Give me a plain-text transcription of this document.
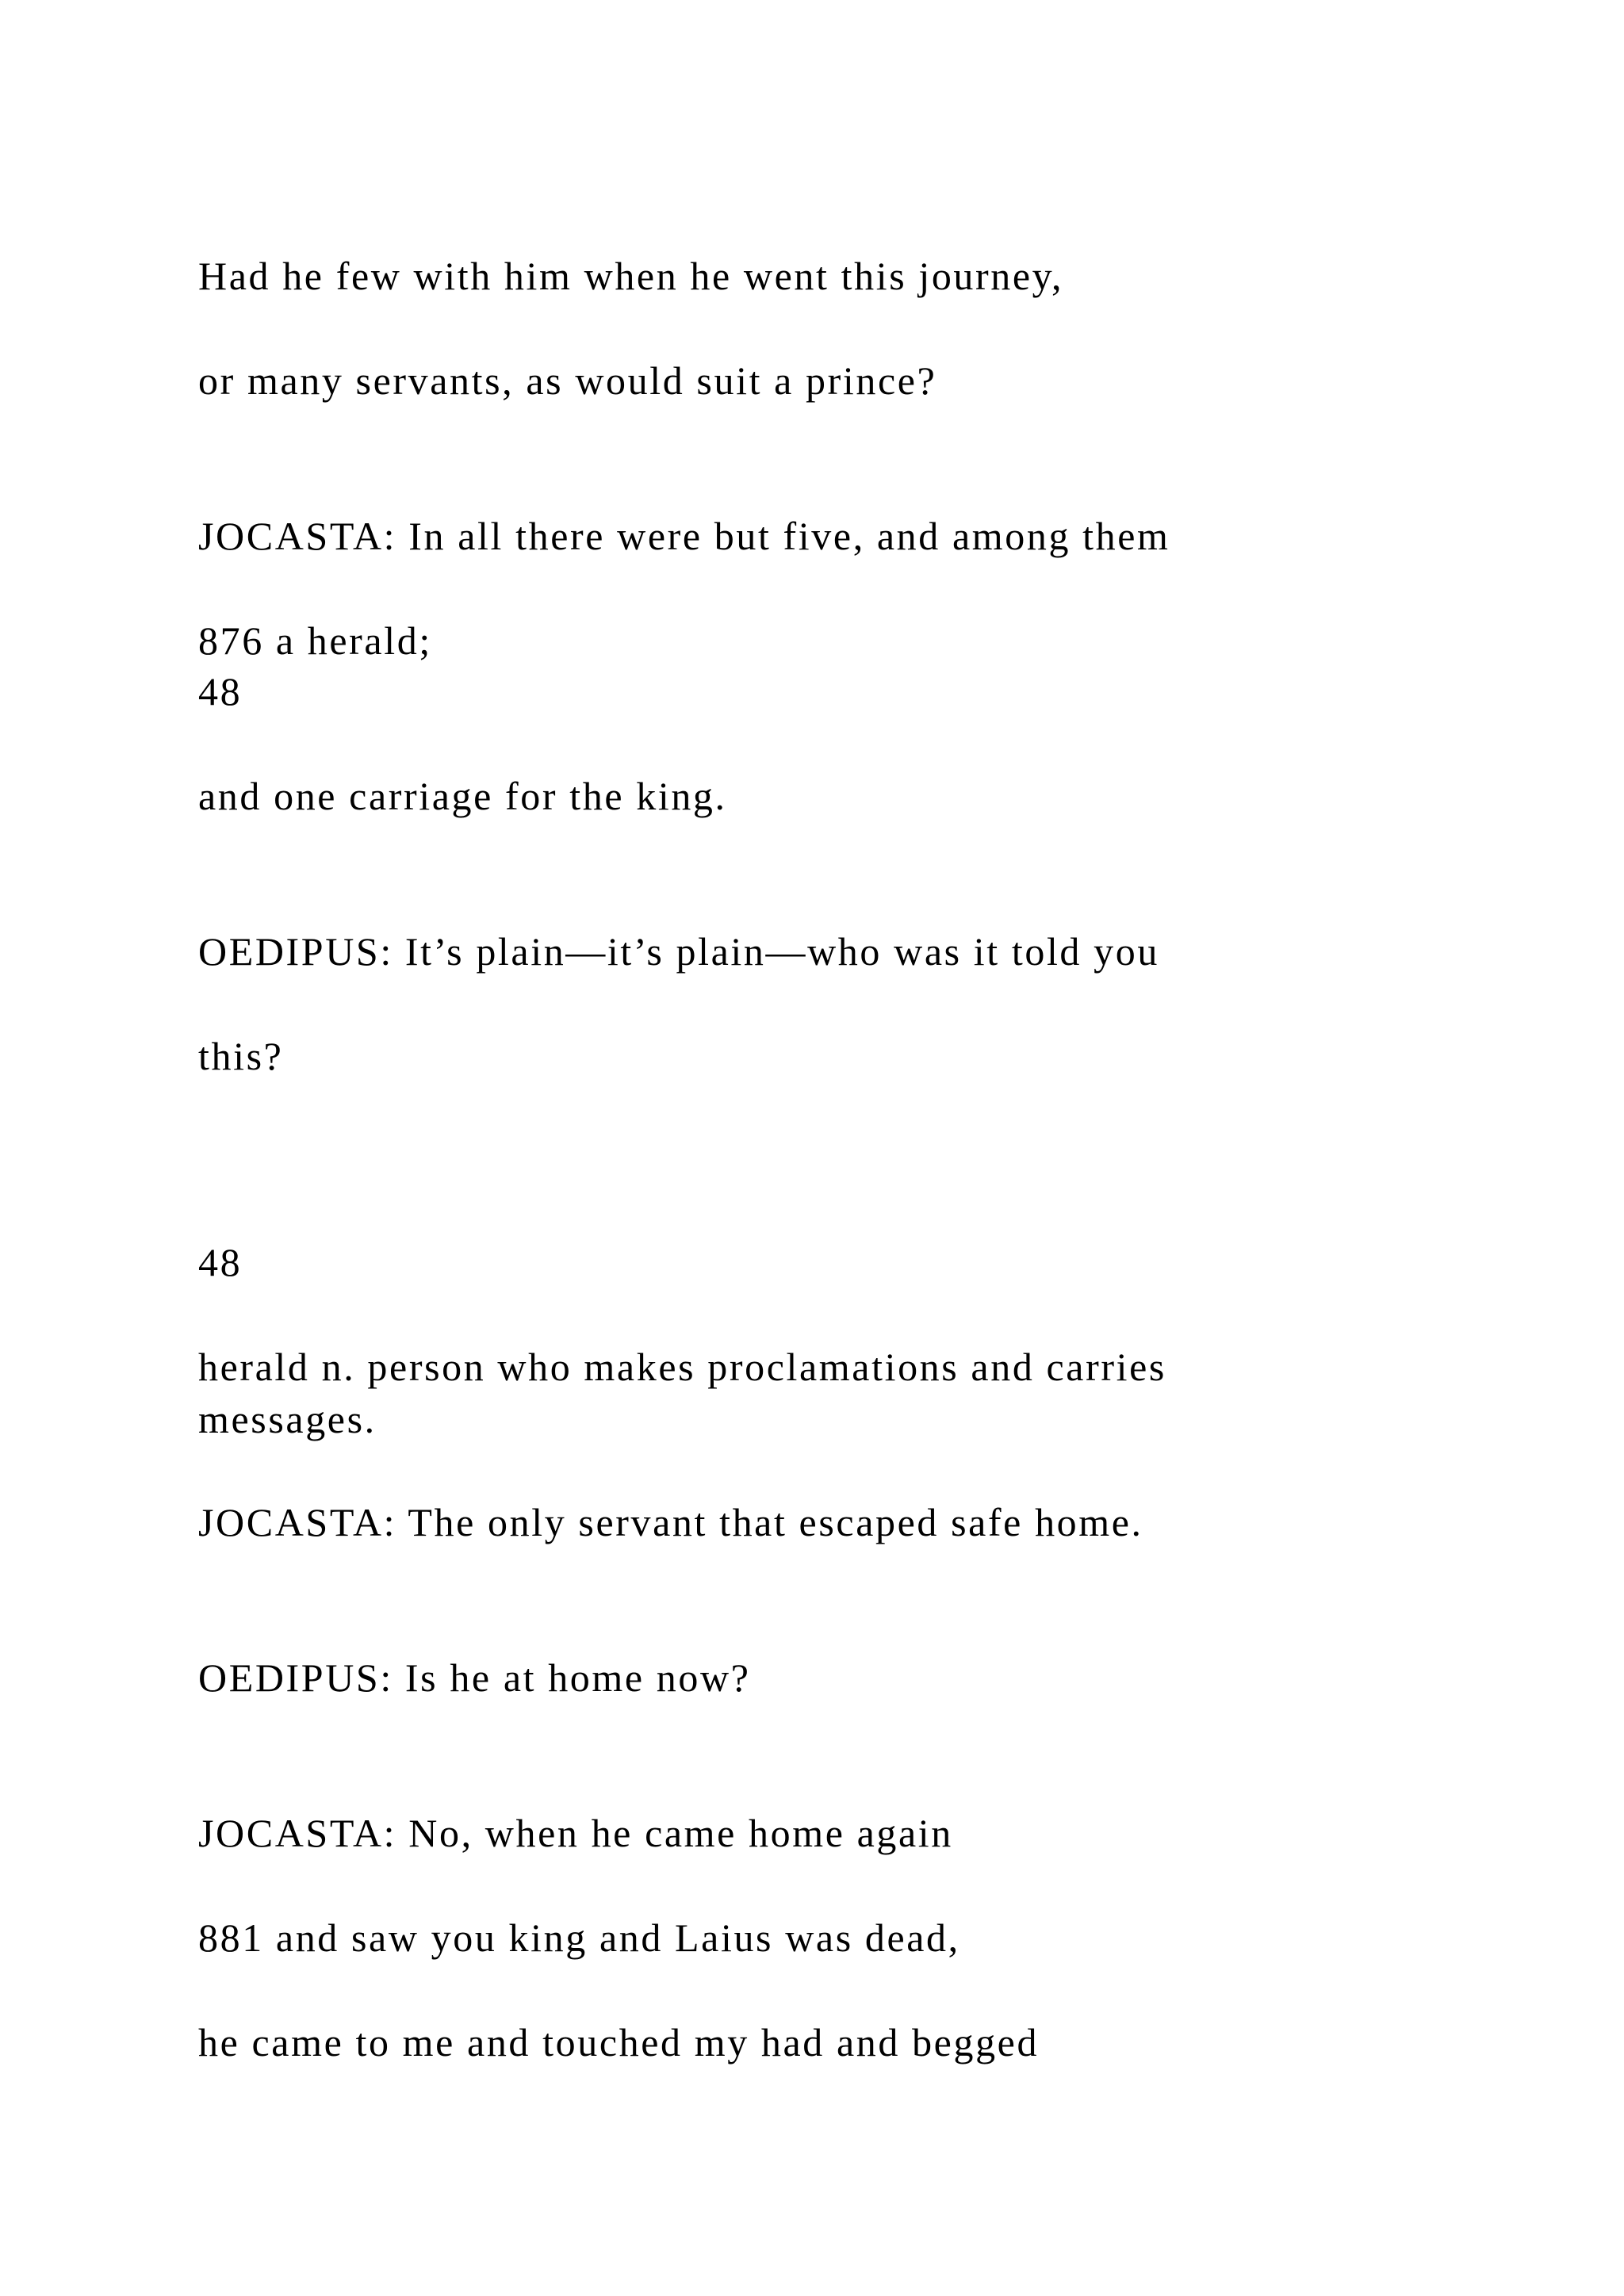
Had he few with him when he went this journey,

or many servants, as would suit a prince?

JOCASTA: In all there were but five, and among them

876 a herald;

48

and one carriage for the king.

OEDIPUS: It’s plain—it’s plain—who was it told you

this?

48

herald n. person who makes proclamations and carries

messages.

JOCASTA: The only servant that escaped safe home.

OEDIPUS: Is he at home now?

JOCASTA: No, when he came home again

881 and saw you king and Laius was dead,

he came to me and touched my had and begged
